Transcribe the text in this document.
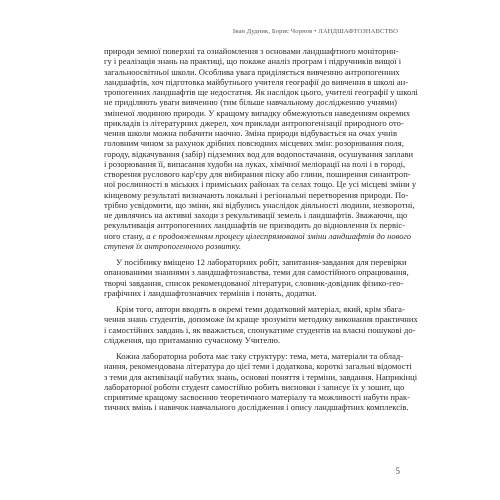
Іван Дудник, Борис Чорнов • ЛАНДШАФТОЗНАВСТВО
природи земної поверхні та ознайомлення з основами ландшафтного моніторин-
гу і реалізація знань на практиці, що покаже аналіз програм і підручників вищої і
загальноосвітньої школи. Особлива увага приділяється вивченню антропогенних
ландшафтів, хоч підготовка майбутнього учителя географії до вивчення в школі ан-
тропогенних ландшафтів ще недостатня. Як наслідок цього, учителі географії у школі
не приділяють уваги вивченню (тим більше навчальному дослідженню учнями)
зміненої людиною природи. У кращому випадку обмежуються наведенням окремих
прикладів із літературних джерел, хоч приклади антропогенізації природного ото-
чення школи можна побачити наочно. Зміна природи відбувається на очах учнів
головним чином за рахунок дрібних повсюдних місцевих змін: розорювання поля,
городу, відкачування (забір) підземних вод для водопостачання, осушування заплави
і розорювання її, випасання худоби на луках, хімічної меліорації на полі і в городі,
створення руслового кар'єру для вибирання піску або глини, поширення синантроп-
ної рослинності в міських і приміських районах та селах тощо. Це усі місцеві зміни у
кінцевому результаті визначають локальні і регіональні перетворення природи. По-
трібно усвідомити, що зміни, які відбулись унаслідок діяльності людини, незворотні,
не дивлячись на активні заходи з рекультивації земель і ландшафтів. Зважаючи, що
рекультивація антропогенних ландшафтів не призводить до відновлення їх первіс-
ного стану, а є продовженням процесу цілеспрямованої зміни ландшафтів до нового
ступеня їх антропогенного розвитку.
У посібнику вміщено 12 лабораторних робіт, запитання-завдання для перевірки
опанованими знаннями з ландшафтознавства, теми для самостійного опрацювання,
творчі завдання, список рекомендованої літератури, словник-довідник фізико-гео-
графічних і ландшафтознавчих термінів і понять, додатки.
Крім того, автори вводять в окремі теми додатковий матеріал, який, крім збага-
чення знань студентів, допоможе їм краще зрозуміти методику виконання практичних
і самостійних завдань і, як вважається, спонукатиме студентів на власні пошукові до-
слідження, що притаманно сучасному Учителю.
Кожна лабораторна робота має таку структуру: тема, мета, матеріали та облад-
нання, рекомендована література до цієї теми і додаткова, короткі загальні відомості
з теми для активізації набутих знань, основні поняття і терміни, завдання. Наприкінці
лабораторної роботи студент самостійно робить висновки і записує їх у зошит, що
сприятиме кращому засвоєнню теоретичного матеріалу та можливості набути прак-
тичних вмінь і навичок навчального дослідження і опису ландшафтних комплексів.
5
